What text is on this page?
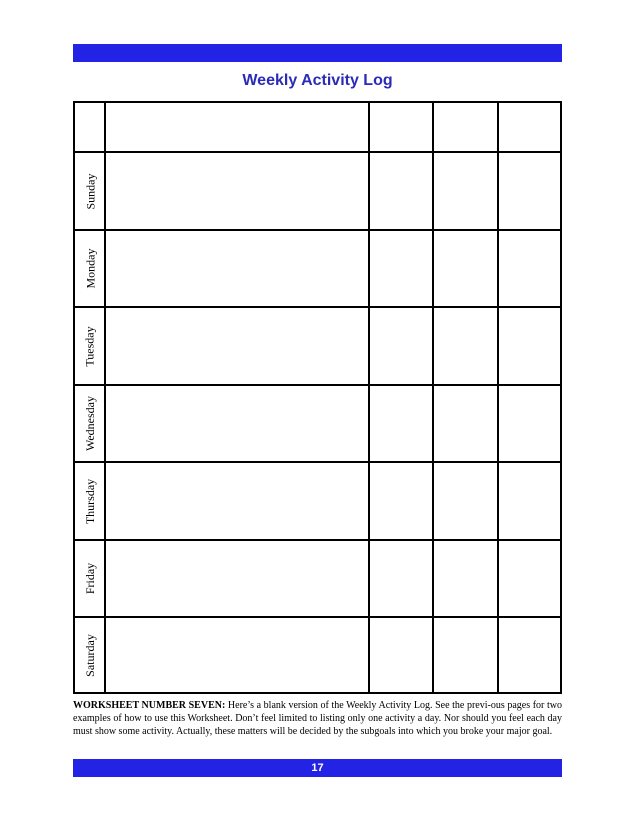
Weekly Activity Log
Sunday
Monday
Tuesday
Wednesday
Thursday
Friday
Saturday
WORKSHEET NUMBER SEVEN: Here’s a blank version of the Weekly Activity Log. See the previ-ous pages for two examples of how to use this Worksheet. Don’t feel limited to listing only one activity a day. Nor should you feel each day must show some activity. Actually, these matters will be decided by the subgoals into which you broke your major goal.
17
